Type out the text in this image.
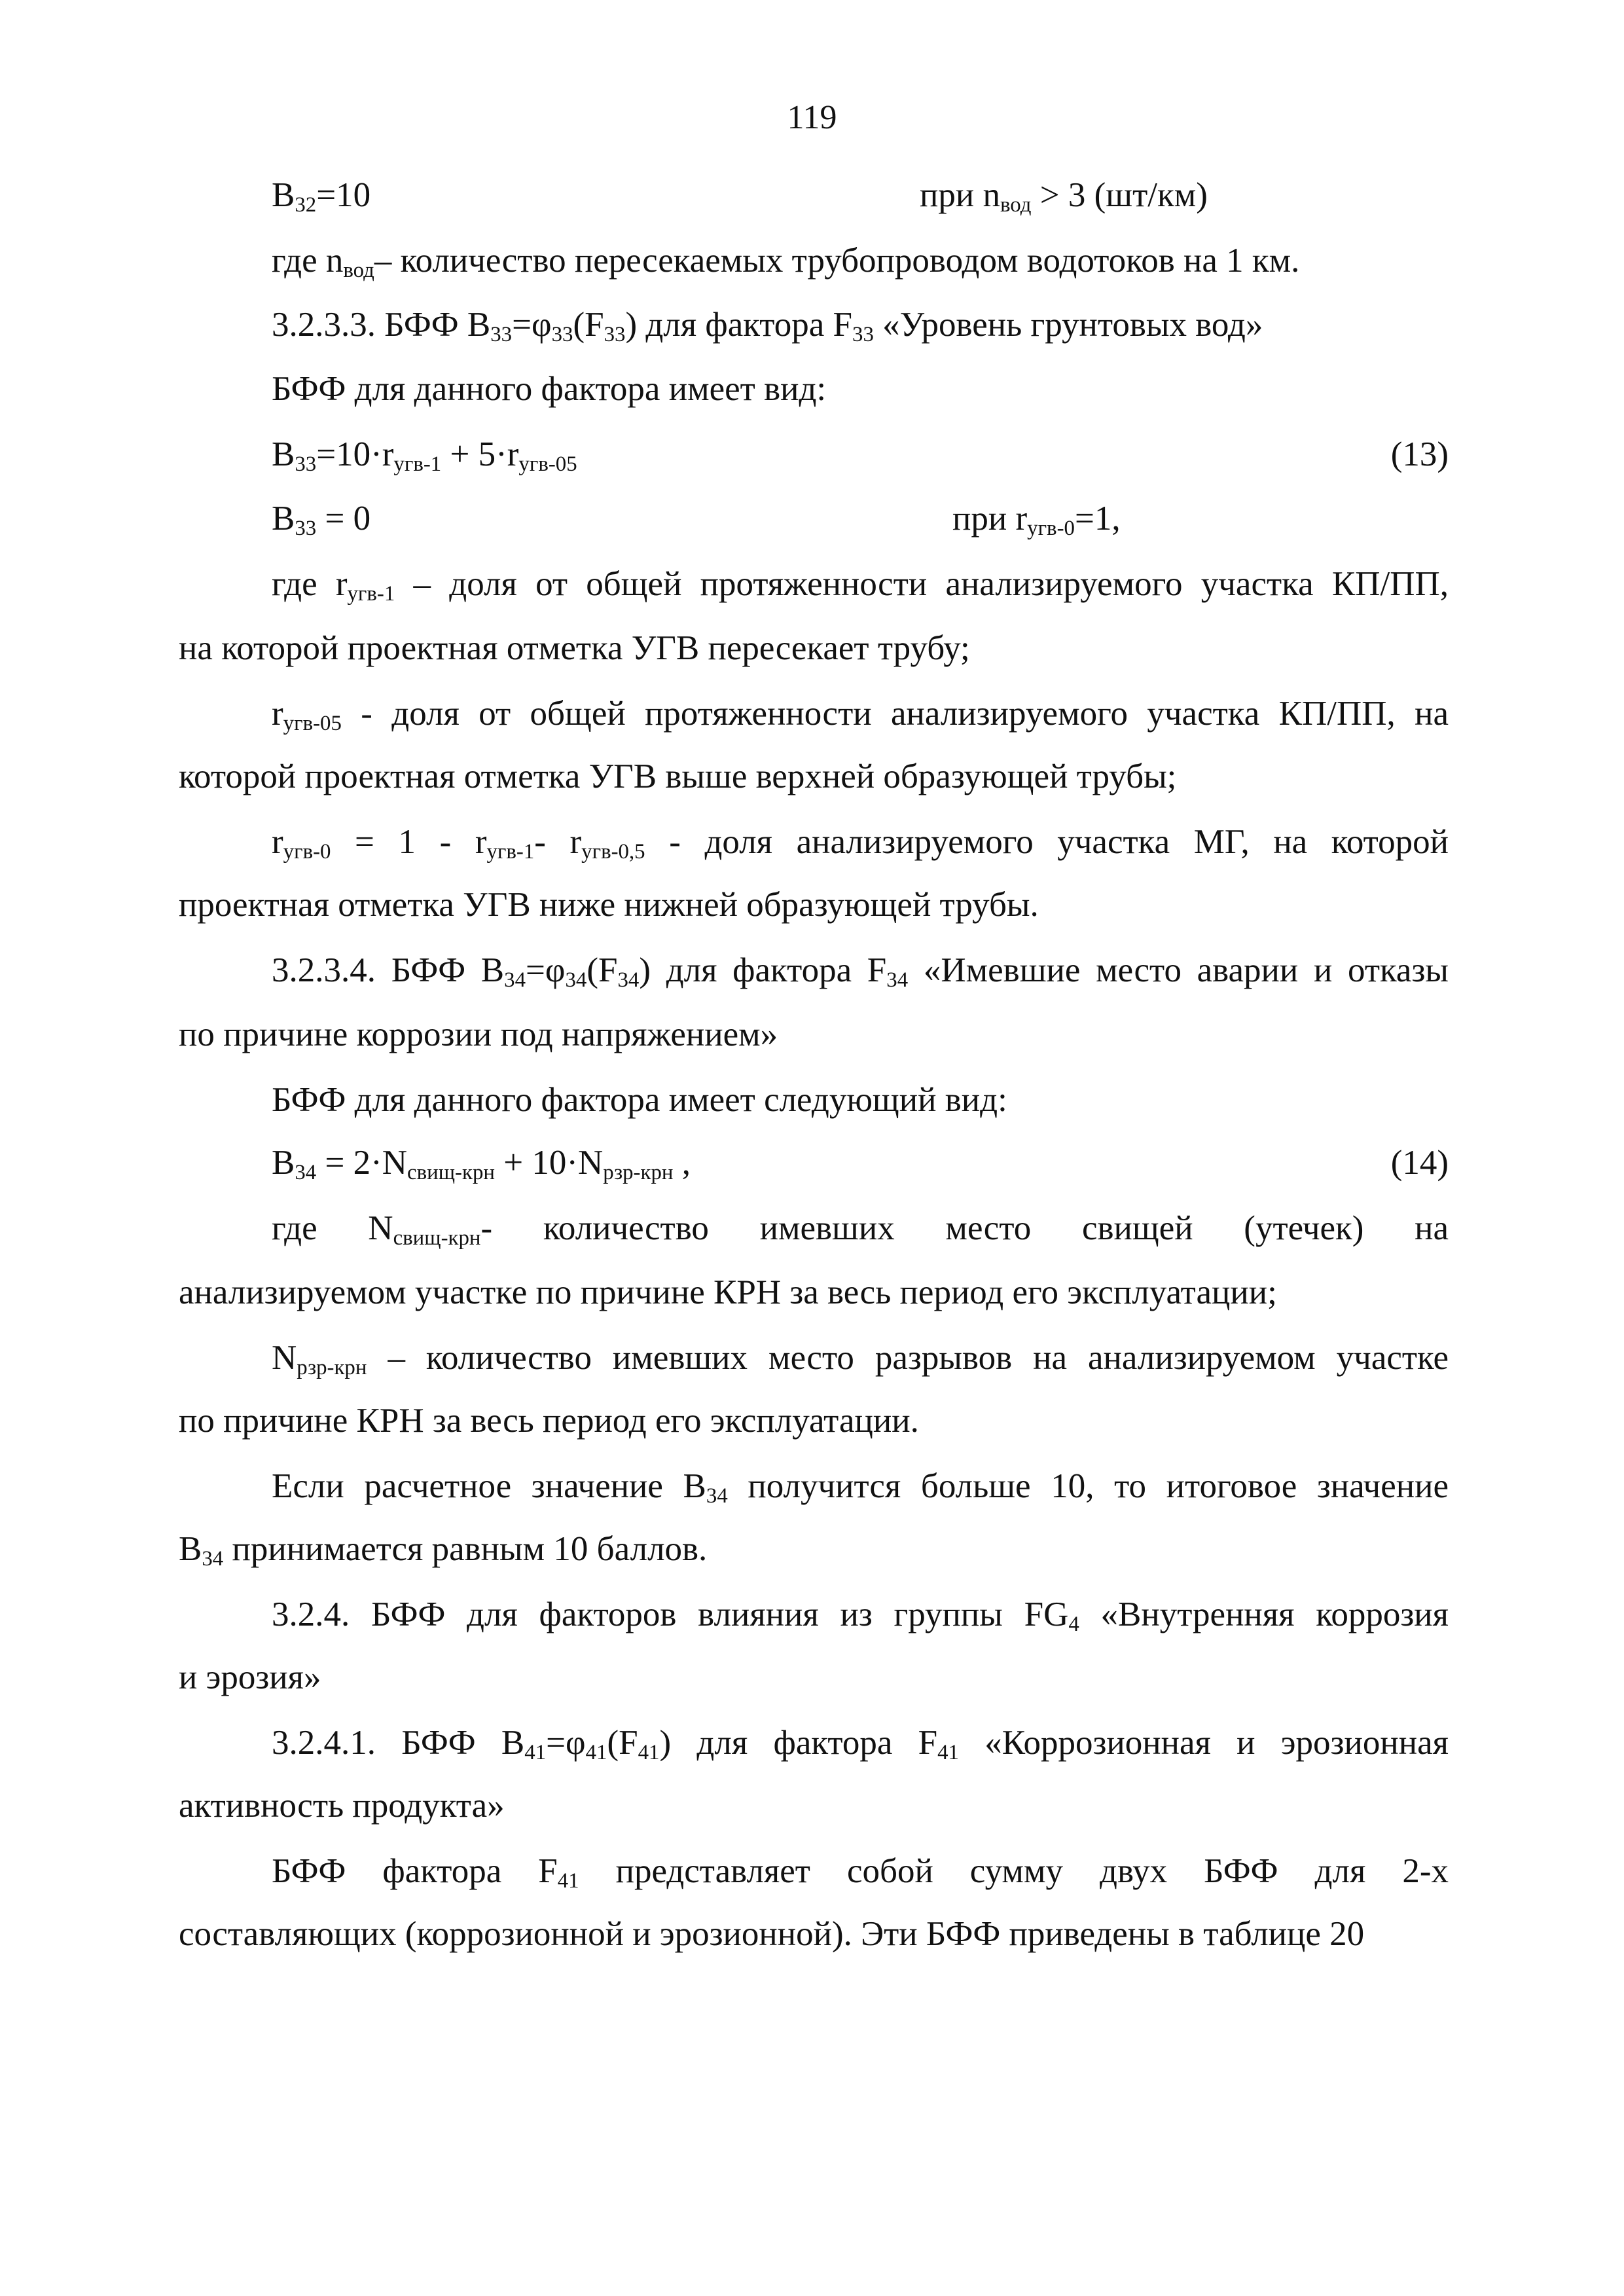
119
$B_{32}=10$	при $n_{вод} > 3$ (шт/км)
где $n_{вод}-$ количество пересекаемых трубопроводом водотоков на 1 км.
3.2.3.3. БФФ $B_{33}=\varphi_{33}(F_{33})$ для фактора $F_{33}$ «Уровень грунтовых вод»
БФФ для данного фактора имеет вид:
$B_{33}=10\cdot r_{угв-1} + 5\cdot r_{угв-05}$	(13)
$B_{33} = 0$	при $r_{угв-0}=1$,
где $r_{угв-1}$ – доля от общей протяженности анализируемого участка КП/ПП,
на которой проектная отметка УГВ пересекает трубу;
$r_{угв-05}$ - доля от общей протяженности анализируемого участка КП/ПП, на
которой проектная отметка УГВ выше верхней образующей трубы;
$r_{угв-0} = 1 - r_{угв-1}-$ $r_{угв-0,5}$ - доля анализируемого участка МГ, на которой
проектная отметка УГВ ниже нижней образующей трубы.
3.2.3.4. БФФ $B_{34}=\varphi_{34}(F_{34})$ для фактора $F_{34}$ «Имевшие место аварии и отказы
по причине коррозии под напряжением»
БФФ для данного фактора имеет следующий вид:
$B_{34} = 2\cdot N_{свищ-крн} + 10\cdot N_{рзр-крн}$ ,	(14)
где $N_{свищ-крн}-$ количество имевших место свищей (утечек) на
анализируемом участке по причине КРН за весь период его эксплуатации;
$N_{рзр-крн}$ – количество имевших место разрывов на анализируемом участке
по причине КРН за весь период его эксплуатации.
Если расчетное значение $B_{34}$ получится больше 10, то итоговое значение
$B_{34}$ принимается равным 10 баллов.
3.2.4. БФФ для факторов влияния из группы $FG_4$ «Внутренняя коррозия
и эрозия»
3.2.4.1. БФФ $B_{41}=\varphi_{41}(F_{41})$ для фактора $F_{41}$ «Коррозионная и эрозионная
активность продукта»
БФФ фактора $F_{41}$ представляет собой сумму двух БФФ для 2-х
составляющих (коррозионной и эрозионной). Эти БФФ приведены в таблице 20
